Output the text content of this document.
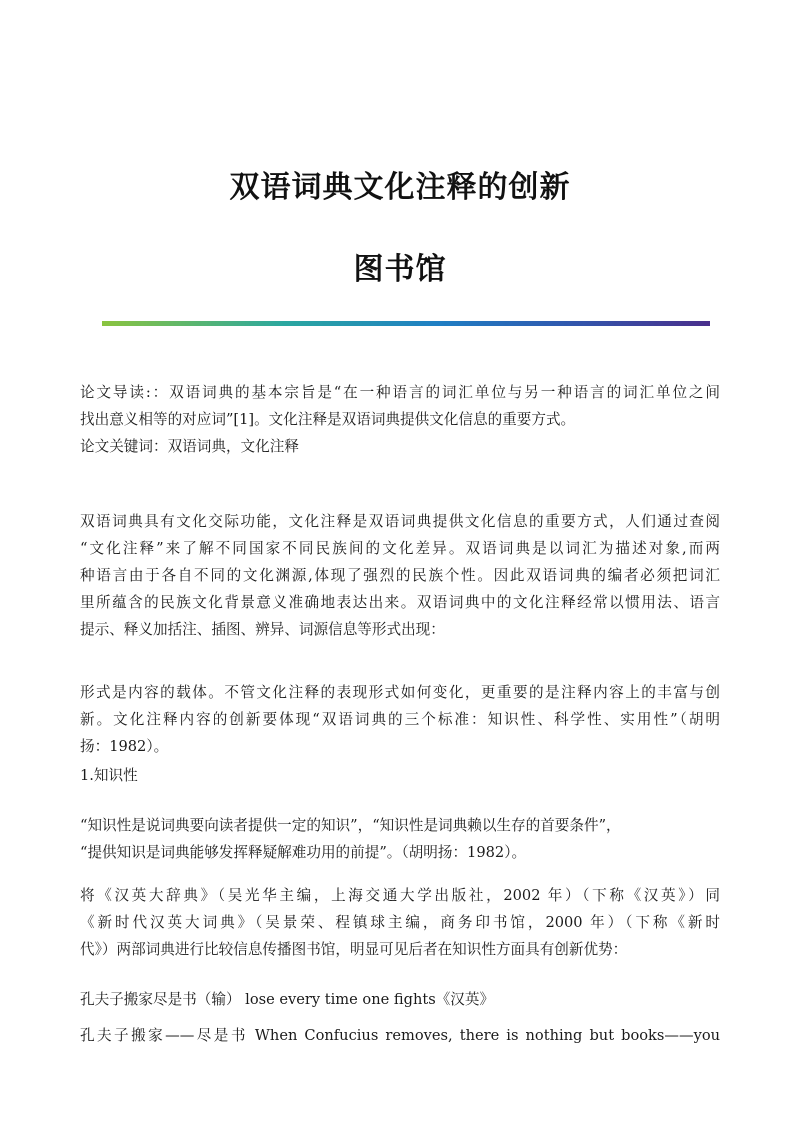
双语词典文化注释的创新
图书馆
论文导读:：双语词典的基本宗旨是“在一种语言的词汇单位与另一种语言的词汇单位之间
找出意义相等的对应词”[1]。文化注释是双语词典提供文化信息的重要方式。
论文关键词：双语词典，文化注释
双语词典具有文化交际功能，文化注释是双语词典提供文化信息的重要方式，人们通过查阅
“文化注释”来了解不同国家不同民族间的文化差异。双语词典是以词汇为描述对象,而两
种语言由于各自不同的文化渊源,体现了强烈的民族个性。因此双语词典的编者必须把词汇
里所蕴含的民族文化背景意义准确地表达出来。双语词典中的文化注释经常以惯用法、语言
提示、释义加括注、插图、辨异、词源信息等形式出现：
形式是内容的载体。不管文化注释的表现形式如何变化，更重要的是注释内容上的丰富与创
新。文化注释内容的创新要体现“双语词典的三个标准：知识性、科学性、实用性”（胡明
扬：1982）。
1.知识性
“知识性是说词典要向读者提供一定的知识”，“知识性是词典赖以生存的首要条件”，
“提供知识是词典能够发挥释疑解难功用的前提”。（胡明扬：1982）。
将《汉英大辞典》（吴光华主编，上海交通大学出版社，2002 年）（下称《汉英》）同
《新时代汉英大词典》（吴景荣、程镇球主编，商务印书馆，2000 年）（下称《新时
代》）两部词典进行比较信息传播图书馆，明显可见后者在知识性方面具有创新优势：
孔夫子搬家尽是书（输） lose every time one fights《汉英》
孔夫子搬家——尽是书 When Confucius removes, there is nothing but books——you
